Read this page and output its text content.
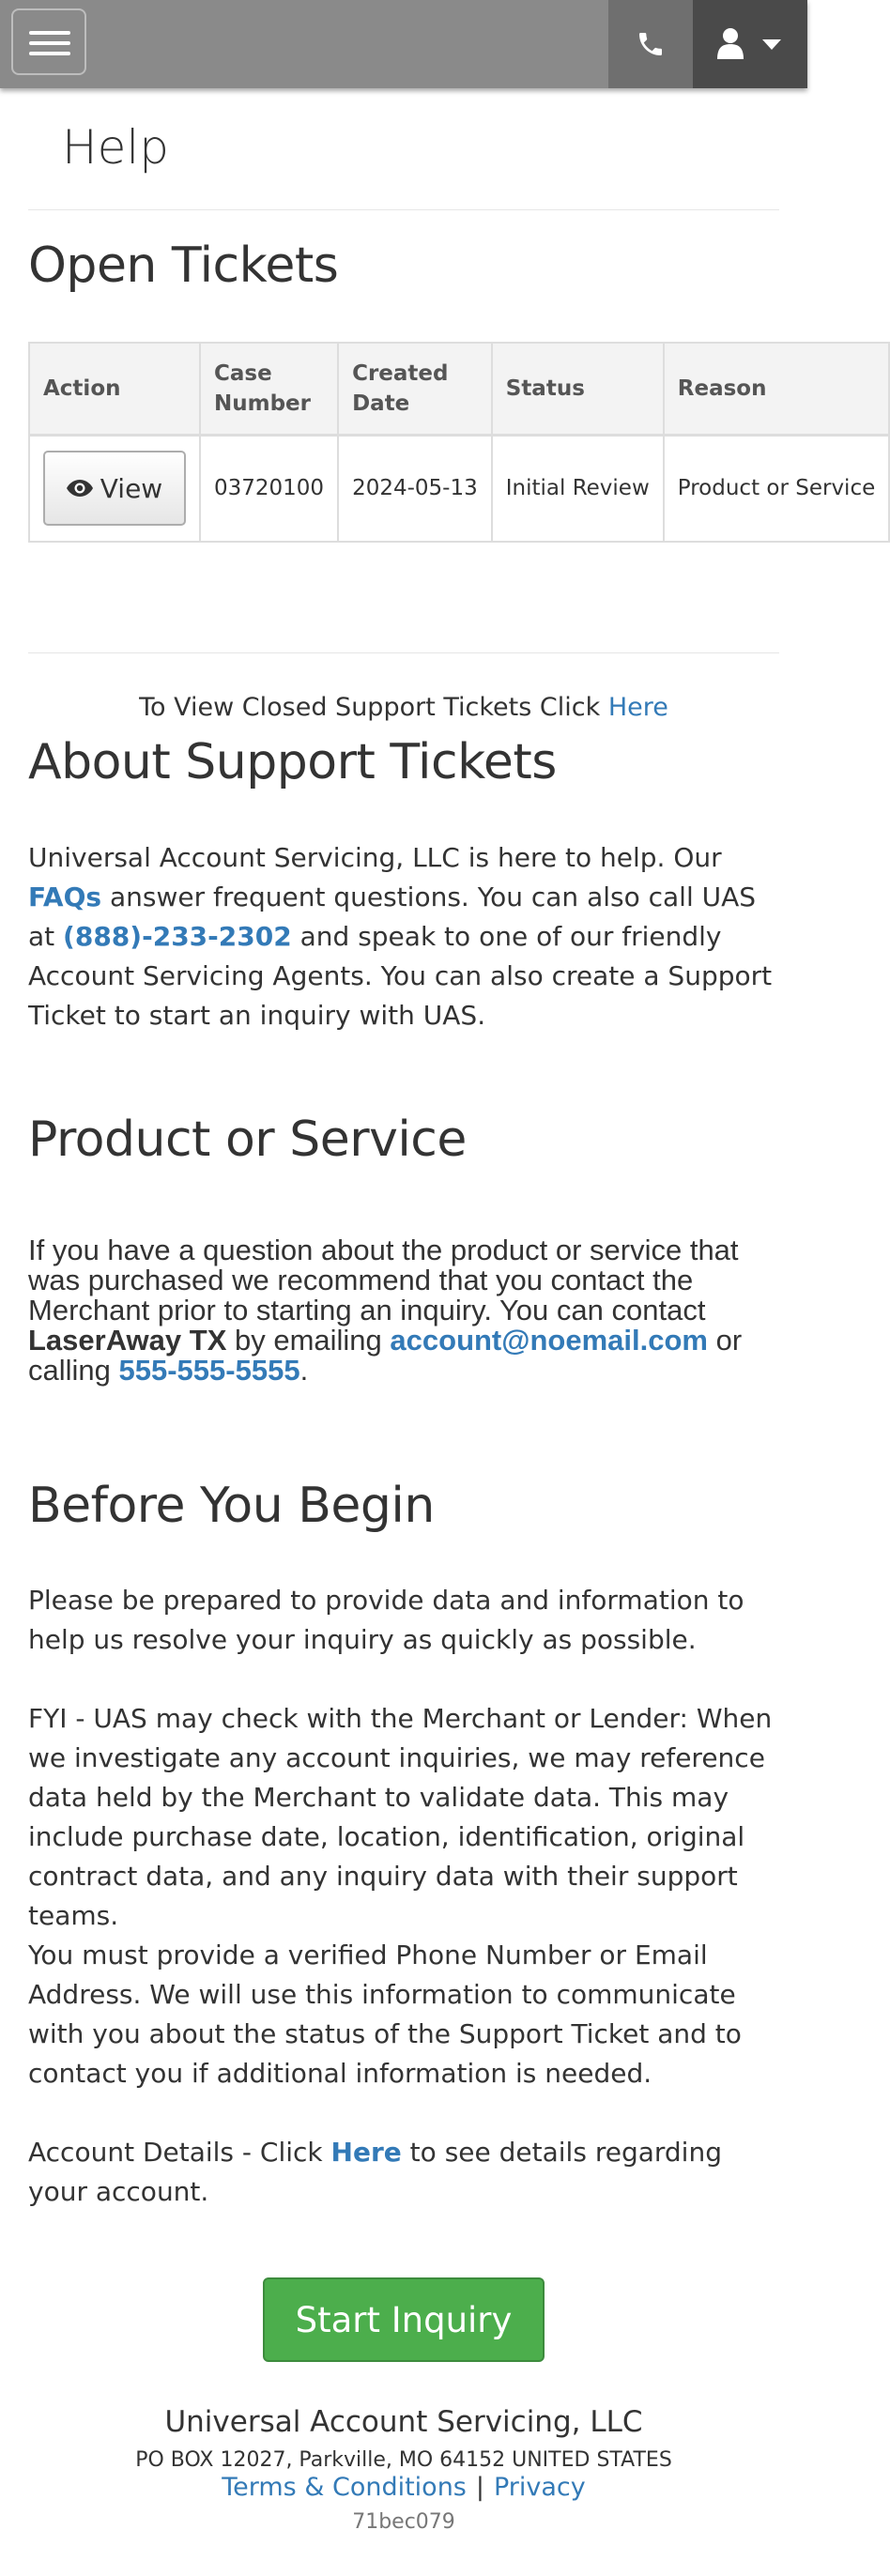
Help
Open Tickets
Action	Case Number	Created Date	Status	Reason

View	03720100	2024-05-13	Initial Review	Product or Service
To View Closed Support Tickets Click Here
About Support Tickets

Universal Account Servicing, LLC is here to help. Our FAQs answer frequent questions. You can also call UAS at (888)-233-2302 and speak to one of our friendly Account Servicing Agents. You can also create a Support Ticket to start an inquiry with UAS.

Product or Service

If you have a question about the product or service that was purchased we recommend that you contact the Merchant prior to starting an inquiry. You can contact LaserAway TX by emailing account@noemail.com or calling 555-555-5555.

Before You Begin

Please be prepared to provide data and information to help us resolve your inquiry as quickly as possible.

FYI - UAS may check with the Merchant or Lender: When we investigate any account inquiries, we may reference data held by the Merchant to validate data. This may include purchase date, location, identification, original contract data, and any inquiry data with their support teams.

You must provide a verified Phone Number or Email Address. We will use this information to communicate with you about the status of the Support Ticket and to contact you if additional information is needed.

Account Details - Click Here to see details regarding your account.

Start Inquiry
Universal Account Servicing, LLC
PO BOX 12027, Parkville, MO 64152 UNITED STATES
Terms & Conditions | Privacy
71bec079
